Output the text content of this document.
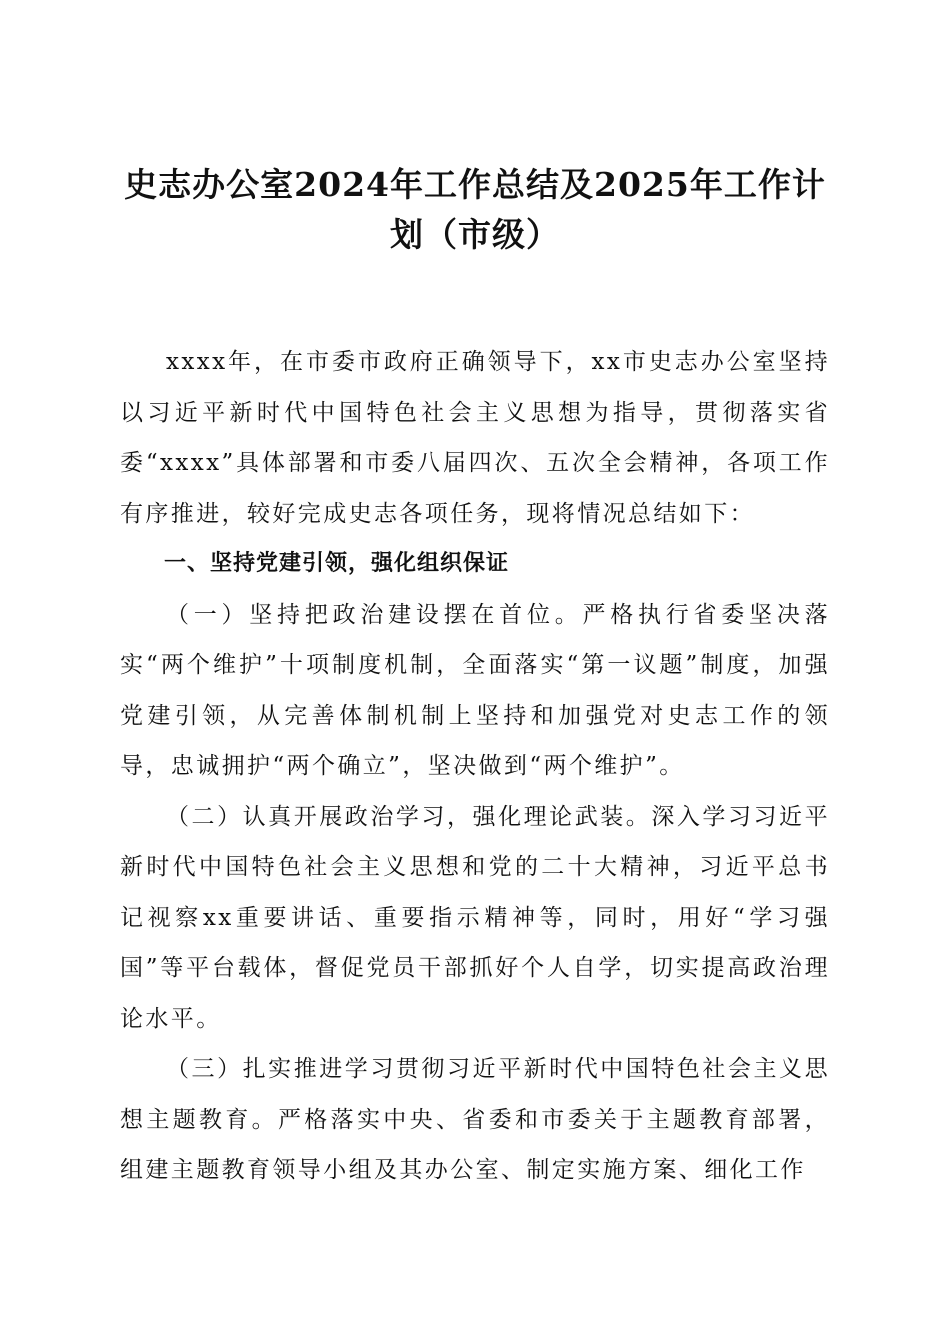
史志办公室2024年工作总结及2025年工作计划（市级）

xxxx年，在市委市政府正确领导下，xx市史志办公室坚持以习近平新时代中国特色社会主义思想为指导，贯彻落实省委“xxxx”具体部署和市委八届四次、五次全会精神，各项工作有序推进，较好完成史志各项任务，现将情况总结如下：

一、坚持党建引领，强化组织保证

（一）坚持把政治建设摆在首位。严格执行省委坚决落实“两个维护”十项制度机制，全面落实“第一议题”制度，加强党建引领，从完善体制机制上坚持和加强党对史志工作的领导，忠诚拥护“两个确立”，坚决做到“两个维护”。

（二）认真开展政治学习，强化理论武装。深入学习习近平新时代中国特色社会主义思想和党的二十大精神，习近平总书记视察xx重要讲话、重要指示精神等，同时，用好“学习强国”等平台载体，督促党员干部抓好个人自学，切实提高政治理论水平。

（三）扎实推进学习贯彻习近平新时代中国特色社会主义思想主题教育。严格落实中央、省委和市委关于主题教育部署，组建主题教育领导小组及其办公室、制定实施方案、细化工作
